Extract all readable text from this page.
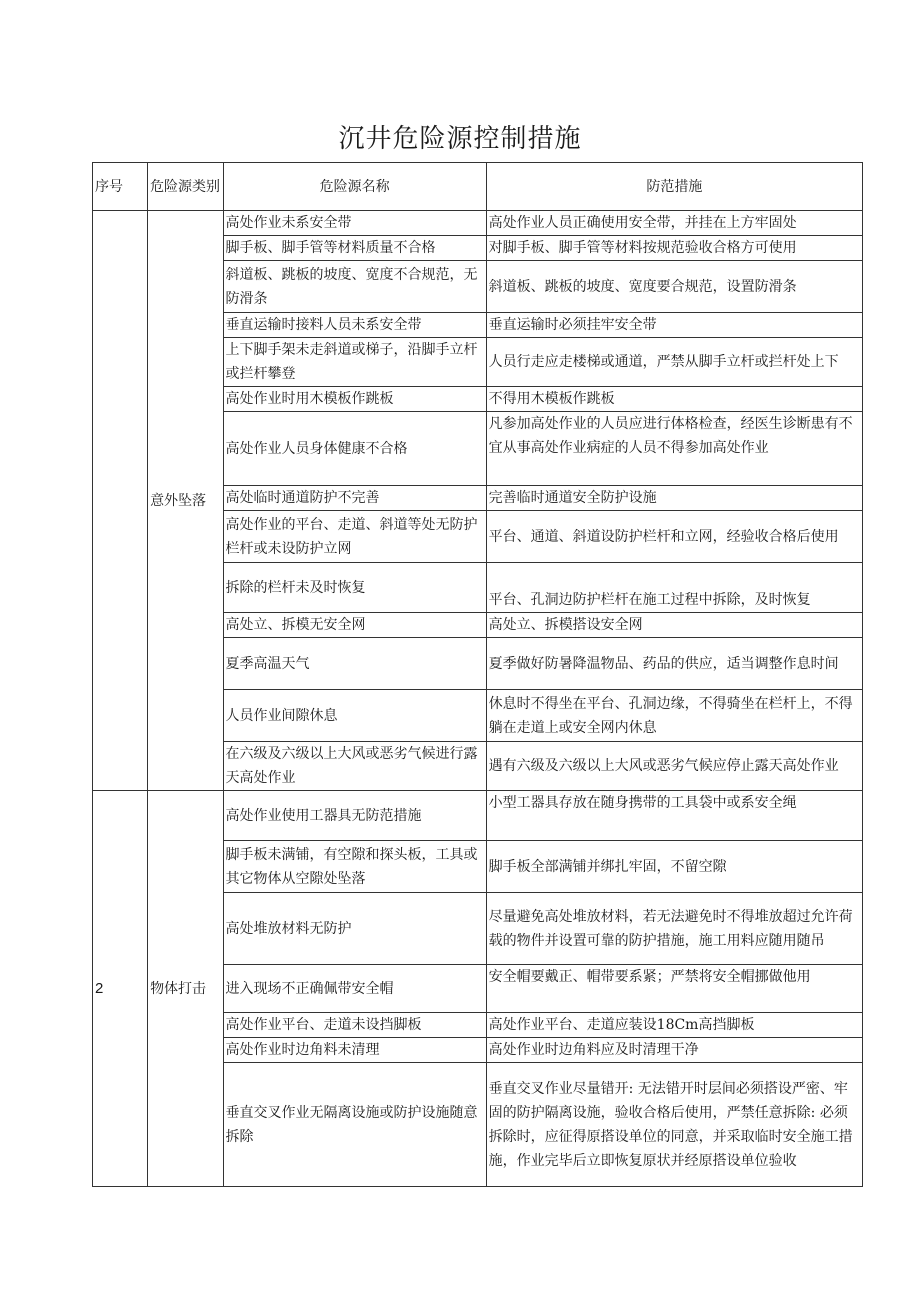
沉井危险源控制措施
序号	危险源类别	危险源名称	防范措施
	意外坠落	高处作业未系安全带	高处作业人员正确使用安全带，并挂在上方牢固处
		脚手板、脚手管等材料质量不合格	对脚手板、脚手管等材料按规范验收合格方可使用
		斜道板、跳板的坡度、宽度不合规范，无防滑条	斜道板、跳板的坡度、宽度要合规范，设置防滑条
		垂直运输时接料人员未系安全带	垂直运输时必须挂牢安全带
		上下脚手架未走斜道或梯子，沿脚手立杆或拦杆攀登	人员行走应走楼梯或通道，严禁从脚手立杆或拦杆处上下
		高处作业时用木模板作跳板	不得用木模板作跳板
		高处作业人员身体健康不合格	凡参加高处作业的人员应进行体格检查，经医生诊断患有不宜从事高处作业病症的人员不得参加高处作业
		高处临时通道防护不完善	完善临时通道安全防护设施
		高处作业的平台、走道、斜道等处无防护栏杆或未设防护立网	平台、通道、斜道设防护栏杆和立网，经验收合格后使用
		拆除的栏杆未及时恢复	平台、孔洞边防护栏杆在施工过程中拆除，及时恢复
		高处立、拆模无安全网	高处立、拆模搭设安全网
		夏季高温天气	夏季做好防暑降温物品、药品的供应，适当调整作息时间
		人员作业间隙休息	休息时不得坐在平台、孔洞边缘，不得骑坐在栏杆上，不得躺在走道上或安全网内休息
		在六级及六级以上大风或恶劣气候进行露天高处作业	遇有六级及六级以上大风或恶劣气候应停止露天高处作业
2	物体打击	高处作业使用工器具无防范措施	小型工器具存放在随身携带的工具袋中或系安全绳
		脚手板未满铺，有空隙和探头板，工具或其它物体从空隙处坠落	脚手板全部满铺并绑扎牢固，不留空隙
		高处堆放材料无防护	尽量避免高处堆放材料，若无法避免时不得堆放超过允许荷载的物件并设置可靠的防护措施，施工用料应随用随吊
		进入现场不正确佩带安全帽	安全帽要戴正、帽带要系紧；严禁将安全帽挪做他用
		高处作业平台、走道未设挡脚板	高处作业平台、走道应装设18Cm高挡脚板
		高处作业时边角料未清理	高处作业时边角料应及时清理干净
		垂直交叉作业无隔离设施或防护设施随意拆除	垂直交叉作业尽量错开: 无法错开时层间必须搭设严密、牢固的防护隔离设施，验收合格后使用，严禁任意拆除: 必须拆除时，应征得原搭设单位的同意，并采取临时安全施工措施，作业完毕后立即恢复原状并经原搭设单位验收
